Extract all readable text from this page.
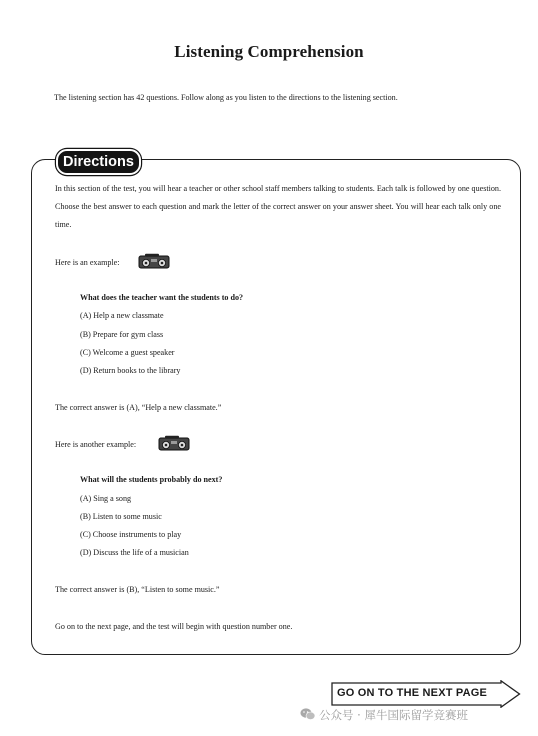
Listening Comprehension
The listening section has 42 questions. Follow along as you listen to the directions to the listening section.
Directions
In this section of the test, you will hear a teacher or other school staff members talking to students. Each talk is followed by one question. Choose the best answer to each question and mark the letter of the correct answer on your answer sheet. You will hear each talk only one time.
Here is an example:
What does the teacher want the students to do?
(A) Help a new classmate
(B) Prepare for gym class
(C) Welcome a guest speaker
(D) Return books to the library
The correct answer is (A), “Help a new classmate.”
Here is another example:
What will the students probably do next?
(A) Sing a song
(B) Listen to some music
(C) Choose instruments to play
(D) Discuss the life of a musician
The correct answer is (B), “Listen to some music.”
Go on to the next page, and the test will begin with question number one.
GO ON TO THE NEXT PAGE
公众号 · 犀牛国际留学竞赛班
